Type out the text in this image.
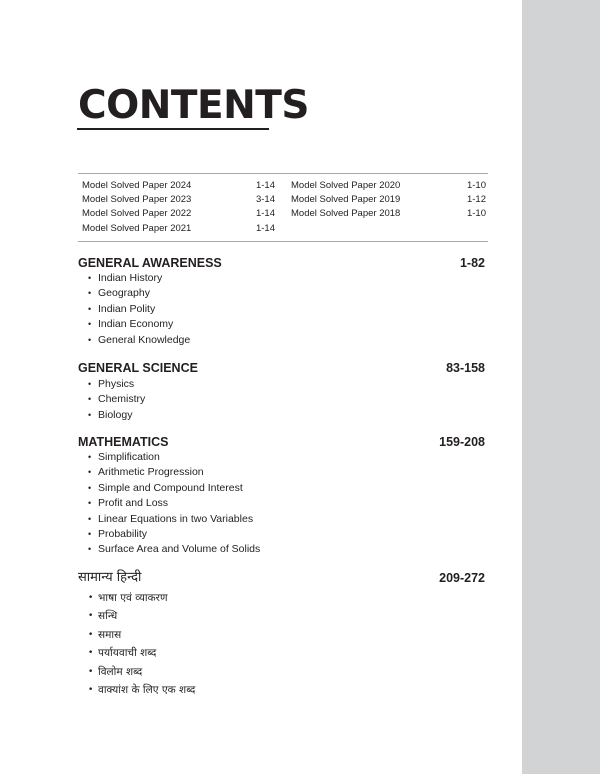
CONTENTS
Model Solved Paper 2024	1-14
Model Solved Paper 2023	3-14
Model Solved Paper 2022	1-14
Model Solved Paper 2021	1-14
Model Solved Paper 2020	1-10
Model Solved Paper 2019	1-12
Model Solved Paper 2018	1-10
GENERAL AWARENESS	1-82
• Indian History
• Geography
• Indian Polity
• Indian Economy
• General Knowledge
GENERAL SCIENCE	83-158
• Physics
• Chemistry
• Biology
MATHEMATICS	159-208
• Simplification
• Arithmetic Progression
• Simple and Compound Interest
• Profit and Loss
• Linear Equations in two Variables
• Probability
• Surface Area and Volume of Solids
सामान्य हिन्दी	209-272
• भाषा एवं व्याकरण
• सन्धि
• समास
• पर्यायवाची शब्द
• विलोम शब्द
• वाक्यांश के लिए एक शब्द
